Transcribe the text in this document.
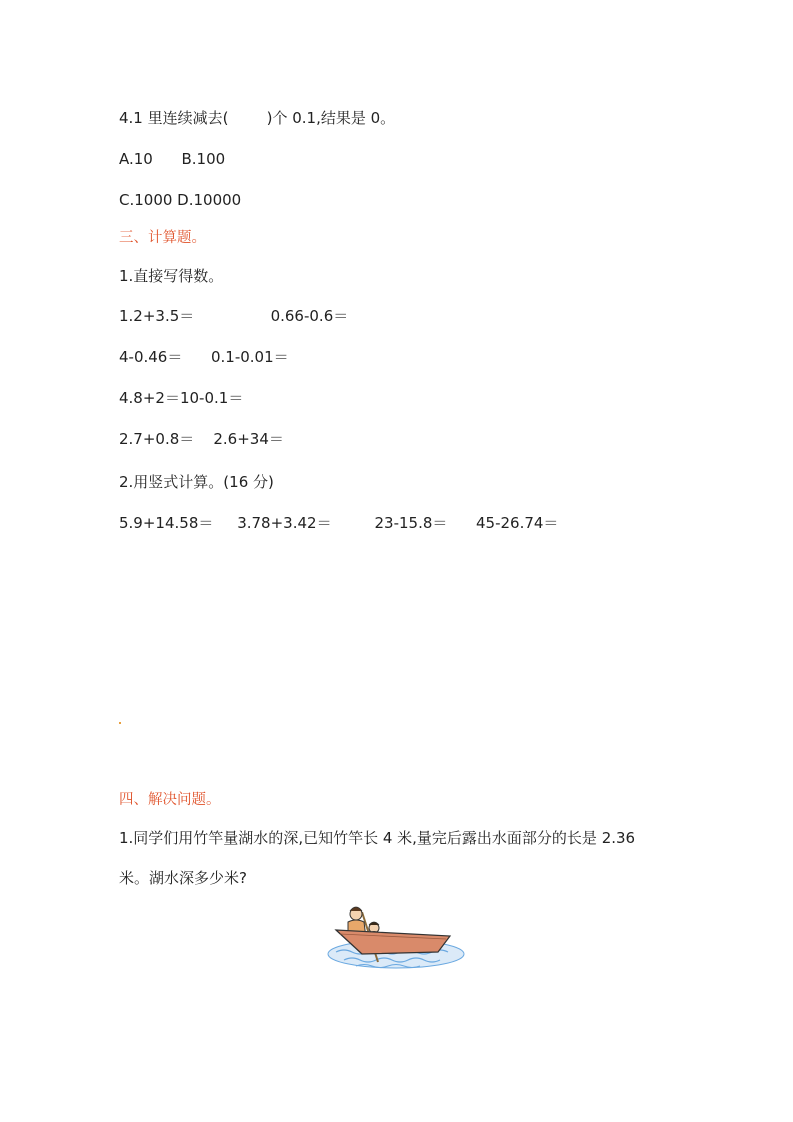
4.1 里连续减去(        )个 0.1,结果是 0。
A.10      B.100
C.1000 D.10000
三、计算题。
1.直接写得数。
1.2+3.5＝                0.66-0.6＝
4-0.46＝      0.1-0.01＝
4.8+2＝10-0.1＝
2.7+0.8＝    2.6+34＝
2.用竖式计算。(16 分)
5.9+14.58＝     3.78+3.42＝         23-15.8＝      45-26.74＝
四、解决问题。
1.同学们用竹竿量湖水的深,已知竹竿长 4 米,量完后露出水面部分的长是 2.36
米。湖水深多少米?
